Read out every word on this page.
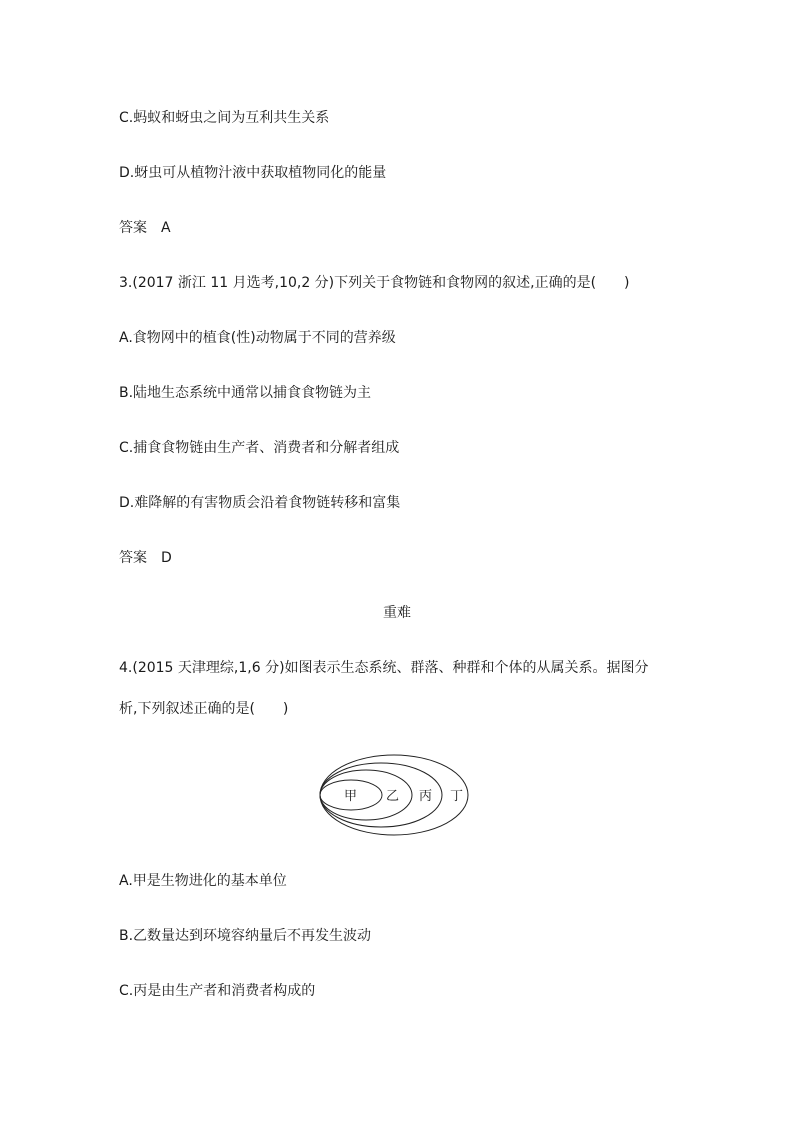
C.蚂蚁和蚜虫之间为互利共生关系
D.蚜虫可从植物汁液中获取植物同化的能量
答案 A
3.(2017 浙江 11 月选考,10,2 分)下列关于食物链和食物网的叙述,正确的是(　　)
A.食物网中的植食(性)动物属于不同的营养级
B.陆地生态系统中通常以捕食食物链为主
C.捕食食物链由生产者、消费者和分解者组成
D.难降解的有害物质会沿着食物链转移和富集
答案 D
重难
4.(2015 天津理综,1,6 分)如图表示生态系统、群落、种群和个体的从属关系。据图分
析,下列叙述正确的是(　　)
甲 乙 丙 丁
A.甲是生物进化的基本单位
B.乙数量达到环境容纳量后不再发生波动
C.丙是由生产者和消费者构成的
